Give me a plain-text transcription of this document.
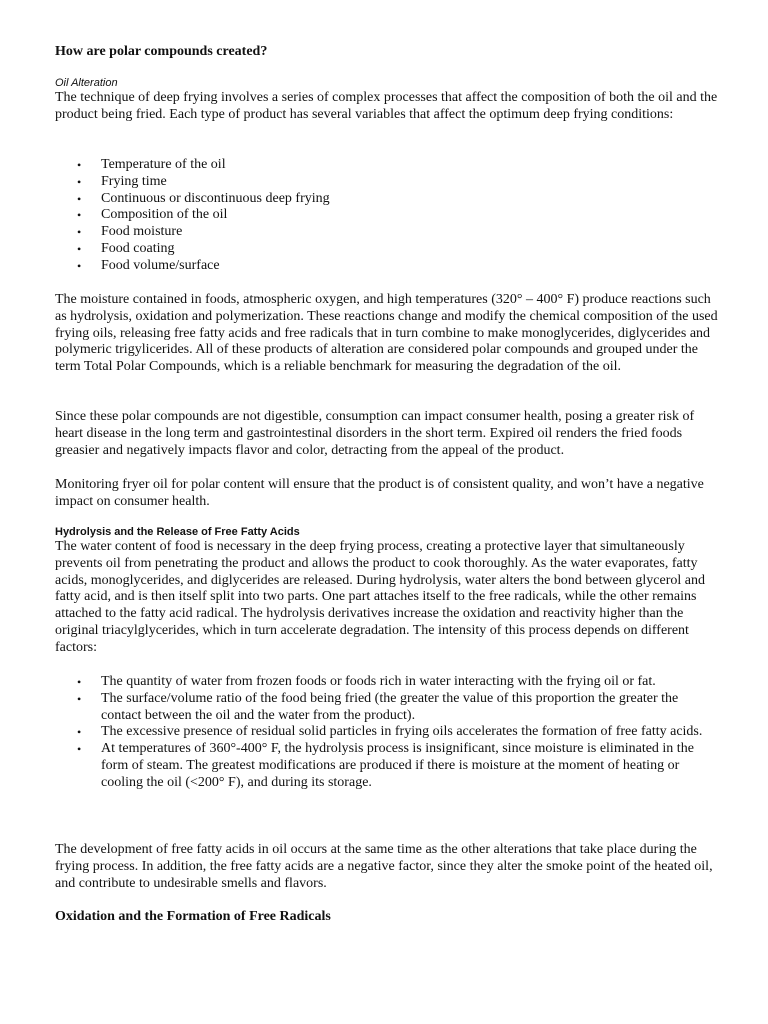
How are polar compounds created?
Oil Alteration

The technique of deep frying involves a series of complex processes that affect the composition of both the oil and the product being fried. Each type of product has several variables that affect the optimum deep frying conditions:

• Temperature of the oil
• Frying time
• Continuous or discontinuous deep frying
• Composition of the oil
• Food moisture
• Food coating
• Food volume/surface

The moisture contained in foods, atmospheric oxygen, and high temperatures (320° – 400° F) produce reactions such as hydrolysis, oxidation and polymerization. These reactions change and modify the chemical composition of the used frying oils, releasing free fatty acids and free radicals that in turn combine to make monoglycerides, diglycerides and polymeric trigylicerides. All of these products of alteration are considered polar compounds and grouped under the term Total Polar Compounds, which is a reliable benchmark for measuring the degradation of the oil.

Since these polar compounds are not digestible, consumption can impact consumer health, posing a greater risk of heart disease in the long term and gastrointestinal disorders in the short term. Expired oil renders the fried foods greasier and negatively impacts flavor and color, detracting from the appeal of the product.

Monitoring fryer oil for polar content will ensure that the product is of consistent quality, and won’t have a negative impact on consumer health.

Hydrolysis and the Release of Free Fatty Acids

The water content of food is necessary in the deep frying process, creating a protective layer that simultaneously prevents oil from penetrating the product and allows the product to cook thoroughly. As the water evaporates, fatty acids, monoglycerides, and diglycerides are released. During hydrolysis, water alters the bond between glycerol and fatty acid, and is then itself split into two parts. One part attaches itself to the free radicals, while the other remains attached to the fatty acid radical. The hydrolysis derivatives increase the oxidation and reactivity higher than the original triacylglycerides, which in turn accelerate degradation. The intensity of this process depends on different factors:

• The quantity of water from frozen foods or foods rich in water interacting with the frying oil or fat.
• The surface/volume ratio of the food being fried (the greater the value of this proportion the greater the
contact between the oil and the water from the product).
• The excessive presence of residual solid particles in frying oils accelerates the formation of free fatty acids.
• At temperatures of 360°-400° F, the hydrolysis process is insignificant, since moisture is eliminated in the form of steam. The greatest modifications are produced if there is moisture at the moment of heating or cooling the oil (<200° F), and during its storage.

The development of free fatty acids in oil occurs at the same time as the other alterations that take place during the frying process. In addition, the free fatty acids are a negative factor, since they alter the smoke point of the heated oil, and contribute to undesirable smells and flavors.

Oxidation and the Formation of Free Radicals
